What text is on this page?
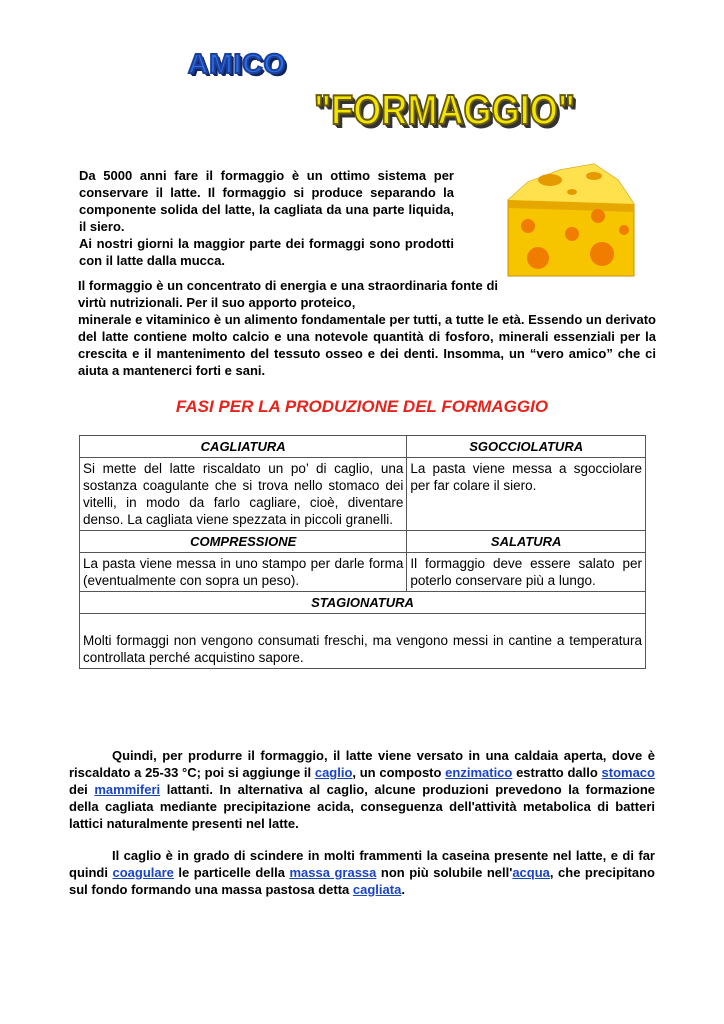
AMICO
"FORMAGGIO"
Da 5000 anni fare il formaggio è un ottimo sistema per conservare il latte. Il formaggio si produce separando la componente solida del latte, la cagliata da una parte liquida, il siero.
Ai nostri giorni la maggior parte dei formaggi sono prodotti con il latte dalla mucca.
Il formaggio è un concentrato di energia e una straordinaria fonte di virtù nutrizionali. Per il suo apporto proteico,
minerale e vitaminico è un alimento fondamentale per tutti, a tutte le età. Essendo un derivato del latte contiene molto calcio e una notevole quantità di fosforo, minerali essenziali per la crescita e il mantenimento del tessuto osseo e dei denti. Insomma, un “vero amico” che ci aiuta a mantenerci forti e sani.
FASI PER LA PRODUZIONE DEL FORMAGGIO
CAGLIATURA	SGOCCIOLATURA
Si mette del latte riscaldato un po’ di caglio, una sostanza coagulante che si trova nello stomaco dei vitelli, in modo da farlo cagliare, cioè, diventare denso. La cagliata viene spezzata in piccoli granelli.	La pasta viene messa a sgocciolare per far colare il siero.
COMPRESSIONE	SALATURA
La pasta viene messa in uno stampo per darle forma (eventualmente con sopra un peso).	Il formaggio deve essere salato per poterlo conservare più a lungo.
STAGIONATURA	
Molti formaggi non vengono consumati freschi, ma vengono messi in cantine a temperatura controllata perché acquistino sapore.	
Quindi, per produrre il formaggio, il latte viene versato in una caldaia aperta, dove è riscaldato a 25-33 °C; poi si aggiunge il caglio, un composto enzimatico estratto dallo stomaco dei mammiferi lattanti. In alternativa al caglio, alcune produzioni prevedono la formazione della cagliata mediante precipitazione acida, conseguenza dell'attività metabolica di batteri lattici naturalmente presenti nel latte.
Il caglio è in grado di scindere in molti frammenti la caseina presente nel latte, e di far quindi coagulare le particelle della massa grassa non più solubile nell'acqua, che precipitano sul fondo formando una massa pastosa detta cagliata.
